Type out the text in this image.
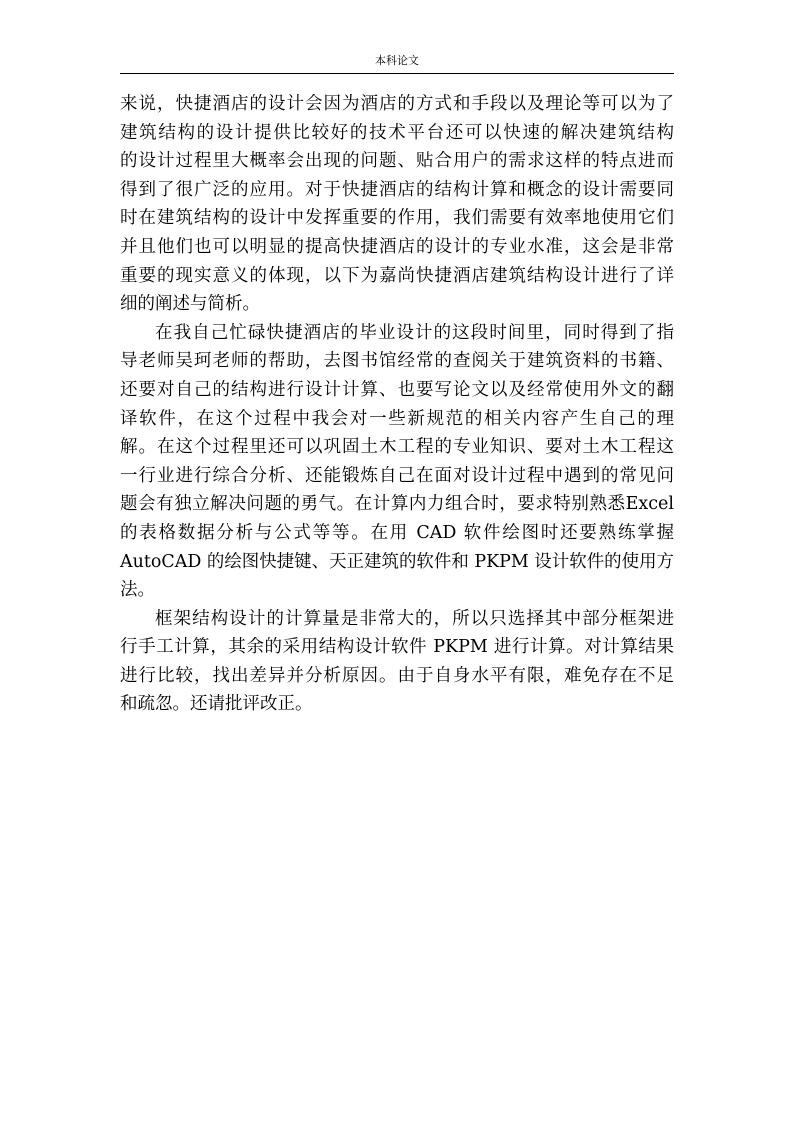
本科论文

来说，快捷酒店的设计会因为酒店的方式和手段以及理论等可以为了
建筑结构的设计提供比较好的技术平台还可以快速的解决建筑结构
的设计过程里大概率会出现的问题、贴合用户的需求这样的特点进而
得到了很广泛的应用。对于快捷酒店的结构计算和概念的设计需要同
时在建筑结构的设计中发挥重要的作用，我们需要有效率地使用它们
并且他们也可以明显的提高快捷酒店的设计的专业水准，这会是非常
重要的现实意义的体现，以下为嘉尚快捷酒店建筑结构设计进行了详
细的阐述与简析。

在我自己忙碌快捷酒店的毕业设计的这段时间里，同时得到了指
导老师吴珂老师的帮助，去图书馆经常的查阅关于建筑资料的书籍、
还要对自己的结构进行设计计算、也要写论文以及经常使用外文的翻
译软件，在这个过程中我会对一些新规范的相关内容产生自己的理
解。在这个过程里还可以巩固土木工程的专业知识、要对土木工程这
一行业进行综合分析、还能锻炼自己在面对设计过程中遇到的常见问
题会有独立解决问题的勇气。在计算内力组合时，要求特别熟悉Excel
的表格数据分析与公式等等。在用 CAD 软件绘图时还要熟练掌握
AutoCAD 的绘图快捷键、天正建筑的软件和 PKPM 设计软件的使用方
法。

框架结构设计的计算量是非常大的，所以只选择其中部分框架进
行手工计算，其余的采用结构设计软件 PKPM 进行计算。对计算结果
进行比较，找出差异并分析原因。由于自身水平有限，难免存在不足
和疏忽。还请批评改正。
